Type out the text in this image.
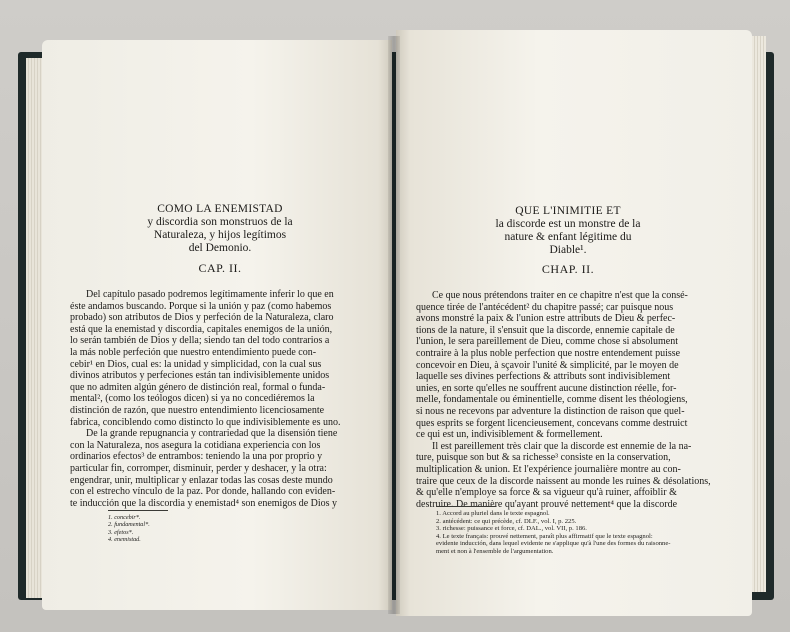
COMO LA ENEMISTAD
y discordia son monstruos de la
Naturaleza, y hijos legítimos
del Demonio.
CAP. II.
Del capítulo pasado podremos legítimamente inferir lo que en
éste andamos buscando. Porque si la unión y paz (como habemos
probado) son atributos de Dios y perfeción de la Naturaleza, claro
está que la enemistad y discordia, capitales enemigos de la unión,
lo serán también de Dios y della; siendo tan del todo contrarios a
la más noble perfeción que nuestro entendimiento puede con-
cebir¹ en Dios, cual es: la unidad y simplicidad, con la cual sus
divinos atributos y perfeciones están tan indivisiblemente unidos
que no admiten algún género de distinción real, formal o funda-
mental², (como los teólogos dicen) si ya no concediéremos la
distinción de razón, que nuestro entendimiento licenciosamente
fabrica, conciblendo como distincto lo que indivisiblemente es uno.
De la grande repugnancia y contrariedad que la disensión tiene
con la Naturaleza, nos asegura la cotidiana experiencia con los
ordinarios efectos³ de entrambos: teniendo la una por proprio y
particular fin, corromper, disminuir, perder y deshacer, y la otra:
engendrar, unir, multiplicar y enlazar todas las cosas deste mundo
con el estrecho vínculo de la paz. Por donde, hallando con eviden-
te inducción que la discordia y enemistad⁴ son enemigos de Dios y
1. concebir*.
2. fundamental*.
3. efetos*.
4. enemistad.
QUE L'INIMITIE ET
la discorde est un monstre de la
nature & enfant légitime du
Diable¹.
CHAP. II.
Ce que nous prétendons traiter en ce chapitre n'est que la consé-
quence tirée de l'antécédent² du chapitre passé; car puisque nous
avons monstré la paix & l'union estre attributs de Dieu & perfec-
tions de la nature, il s'ensuit que la discorde, ennemie capitale de
l'union, le sera pareillement de Dieu, comme chose si absolument
contraire à la plus noble perfection que nostre entendement puisse
concevoir en Dieu, à sçavoir l'unité & simplicité, par le moyen de
laquelle ses divines perfections & attributs sont indivisiblement
unies, en sorte qu'elles ne souffrent aucune distinction réelle, for-
melle, fondamentale ou éminentielle, comme disent les théologiens,
si nous ne recevons par adventure la distinction de raison que quel-
ques esprits se forgent licencieusement, concevans comme destruict
ce qui est un, indivisiblement & formellement.
Il est pareillement très clair que la discorde est ennemie de la na-
ture, puisque son but & sa richesse³ consiste en la conservation,
multiplication & union. Et l'expérience journalière montre au con-
traire que ceux de la discorde naissent au monde les ruines & désolations,
& qu'elle n'employe sa force & sa vigueur qu'à ruiner, affoiblir &
destruire. De manière qu'ayant prouvé nettement⁴ que la discorde
1. Accord au pluriel dans le texte espagnol.
2. antécédent: ce qui précède, cf. DLF., vol. I, p. 225.
3. richesse: puissance et force, cf. DAL., vol. VII, p. 186.
4. Le texte français: prouvé nettement, paraît plus affirmatif que le texte espagnol:
evidente inducción, dans lequel evidente ne s'applique qu'à l'une des formes du raisonne-
ment et non à l'ensemble de l'argumentation.
